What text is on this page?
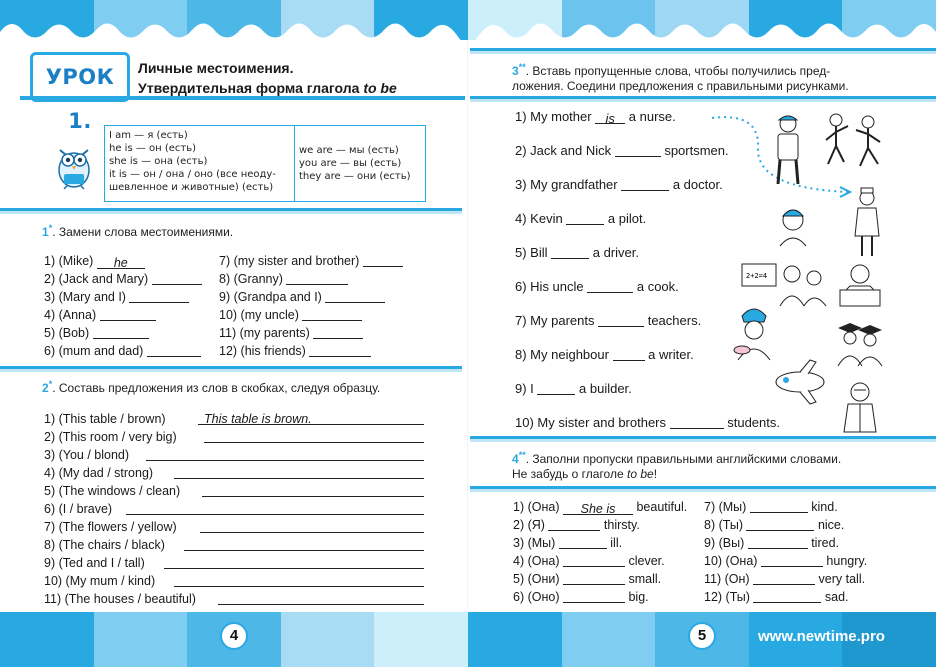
УРОК 1.
Личные местоимения.
Утвердительная форма глагола to be
I am — я (есть)
he is — он (есть)
she is — она (есть)
it is — он / она / оно (все неоду-
шевленное и животные) (есть)
we are — мы (есть)
you are — вы (есть)
they are — они (есть)
1*. Замени слова местоимениями.
1) (Mike) he
2) (Jack and Mary)
3) (Mary and I)
4) (Anna)
5) (Bob)
6) (mum and dad)
7) (my sister and brother)
8) (Granny)
9) (Grandpa and I)
10) (my uncle)
11) (my parents)
12) (his friends)
2*. Составь предложения из слов в скобках, следуя образцу.
1) (This table / brown)	This table is brown.
2) (This room / very big)
3) (You / blond)
4) (My dad / strong)
5) (The windows / clean)
6) (I / brave)
7) (The flowers / yellow)
8) (The chairs / black)
9) (Ted and I / tall)
10) (My mum / kind)
11) (The houses / beautiful)
3**. Вставь пропущенные слова, чтобы получились пред-
ложения. Соедини предложения с правильными рисунками.
1) My mother is a nurse.
2) Jack and Nick	sportsmen.
3) My grandfather	a doctor.
4) Kevin	a pilot.
5) Bill	a driver.
6) His uncle	a cook.
7) My parents	teachers.
8) My neighbour  a writer.
9) I	a builder.
10) My sister and brothers	students.
2+2=4
4**. Заполни пропуски правильными английскими словами.
Не забудь о глаголе to be!
1) (Она) She is beautiful.
2) (Я)	thirsty.
3) (Мы)	ill.
4) (Она)	clever.
5) (Они)	small.
6) (Оно)	big.
7) (Мы)	kind.
8) (Ты)	nice.
9) (Вы)	tired.
10) (Она)	hungry.
11) (Он)	very tall.
12) (Ты)	sad.
4	5	www.newtime.pro
